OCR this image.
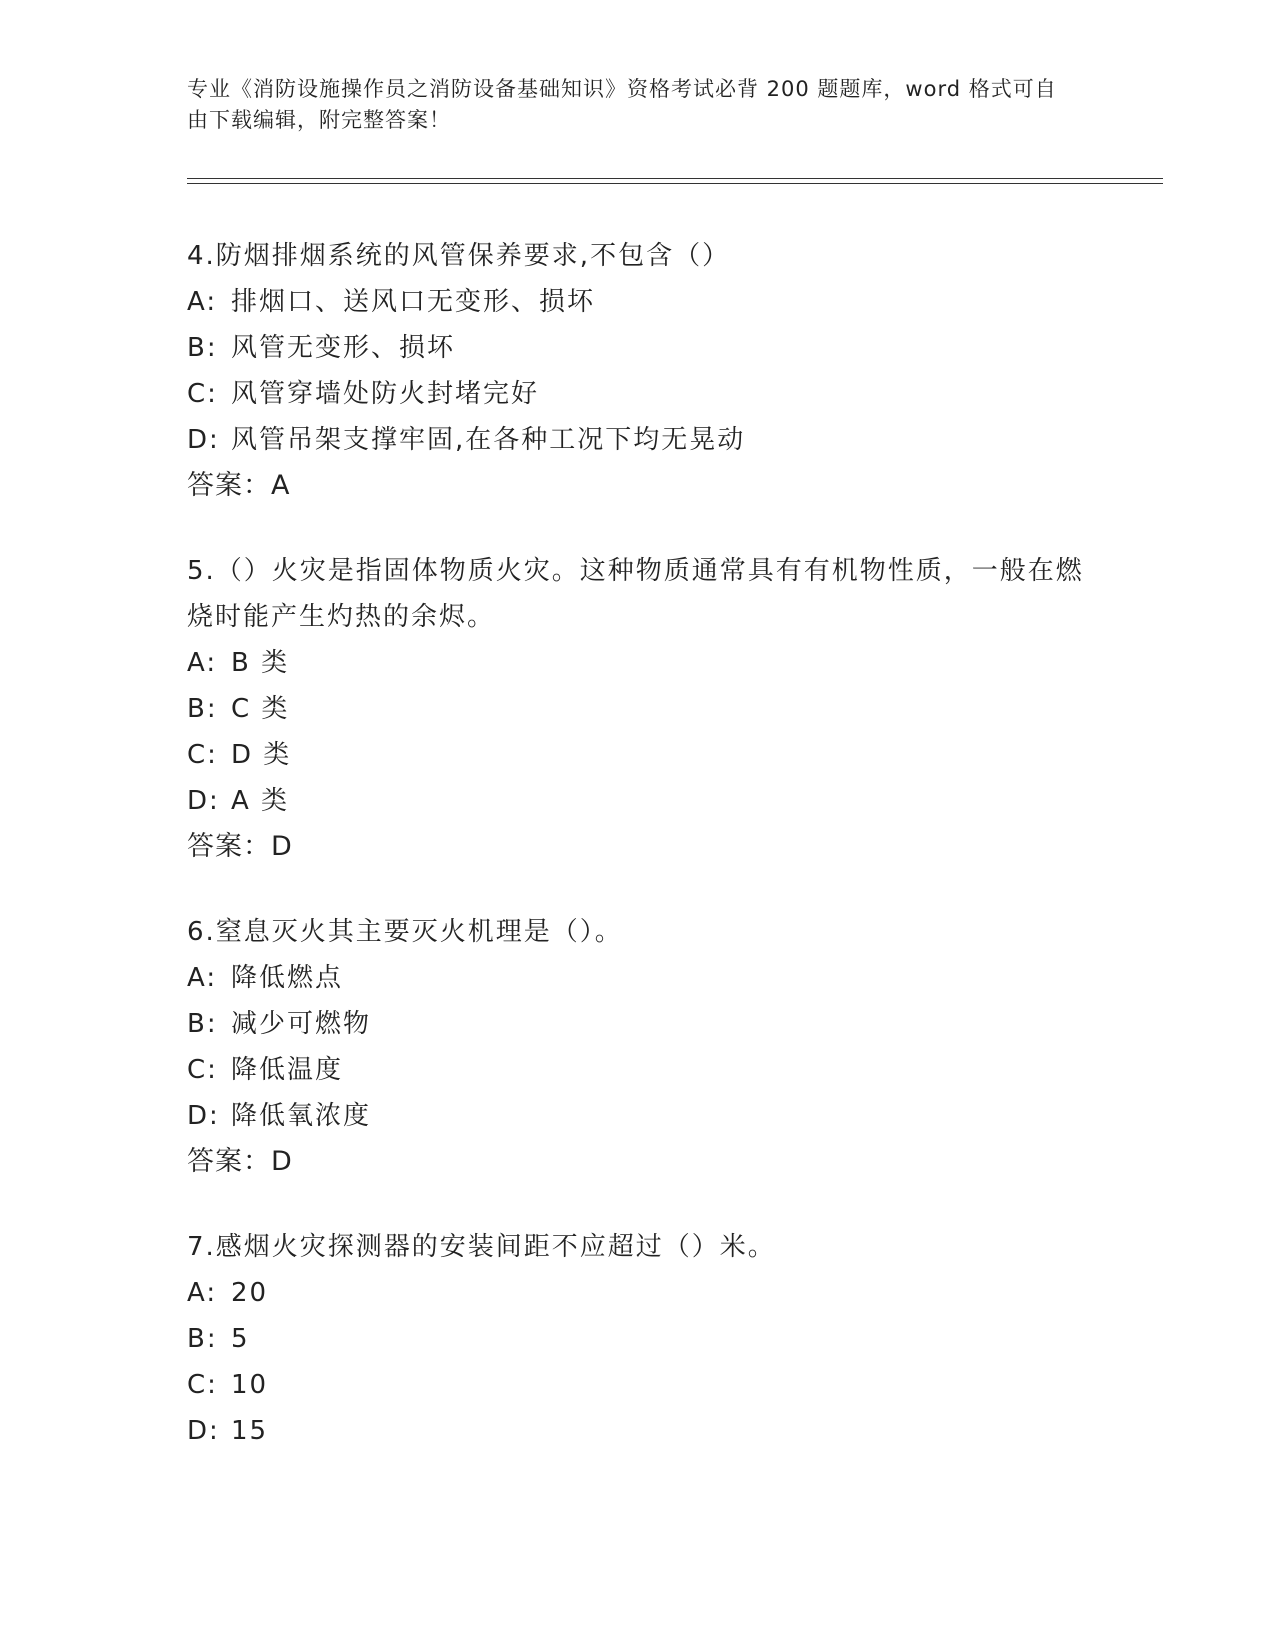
专业《消防设施操作员之消防设备基础知识》资格考试必背 200 题题库，word 格式可自由下载编辑，附完整答案！

4.防烟排烟系统的风管保养要求,不包含（）

A: 排烟口、送风口无变形、损坏

B: 风管无变形、损坏

C: 风管穿墙处防火封堵完好

D: 风管吊架支撑牢固,在各种工况下均无晃动

答案：A

5.（）火灾是指固体物质火灾。这种物质通常具有有机物性质，一般在燃烧时能产生灼热的余烬。

A: B 类

B: C 类

C: D 类

D: A 类

答案：D

6.窒息灭火其主要灭火机理是（）。

A: 降低燃点

B: 减少可燃物

C: 降低温度

D: 降低氧浓度

答案：D

7.感烟火灾探测器的安装间距不应超过（）米。

A: 20

B: 5

C: 10

D: 15
